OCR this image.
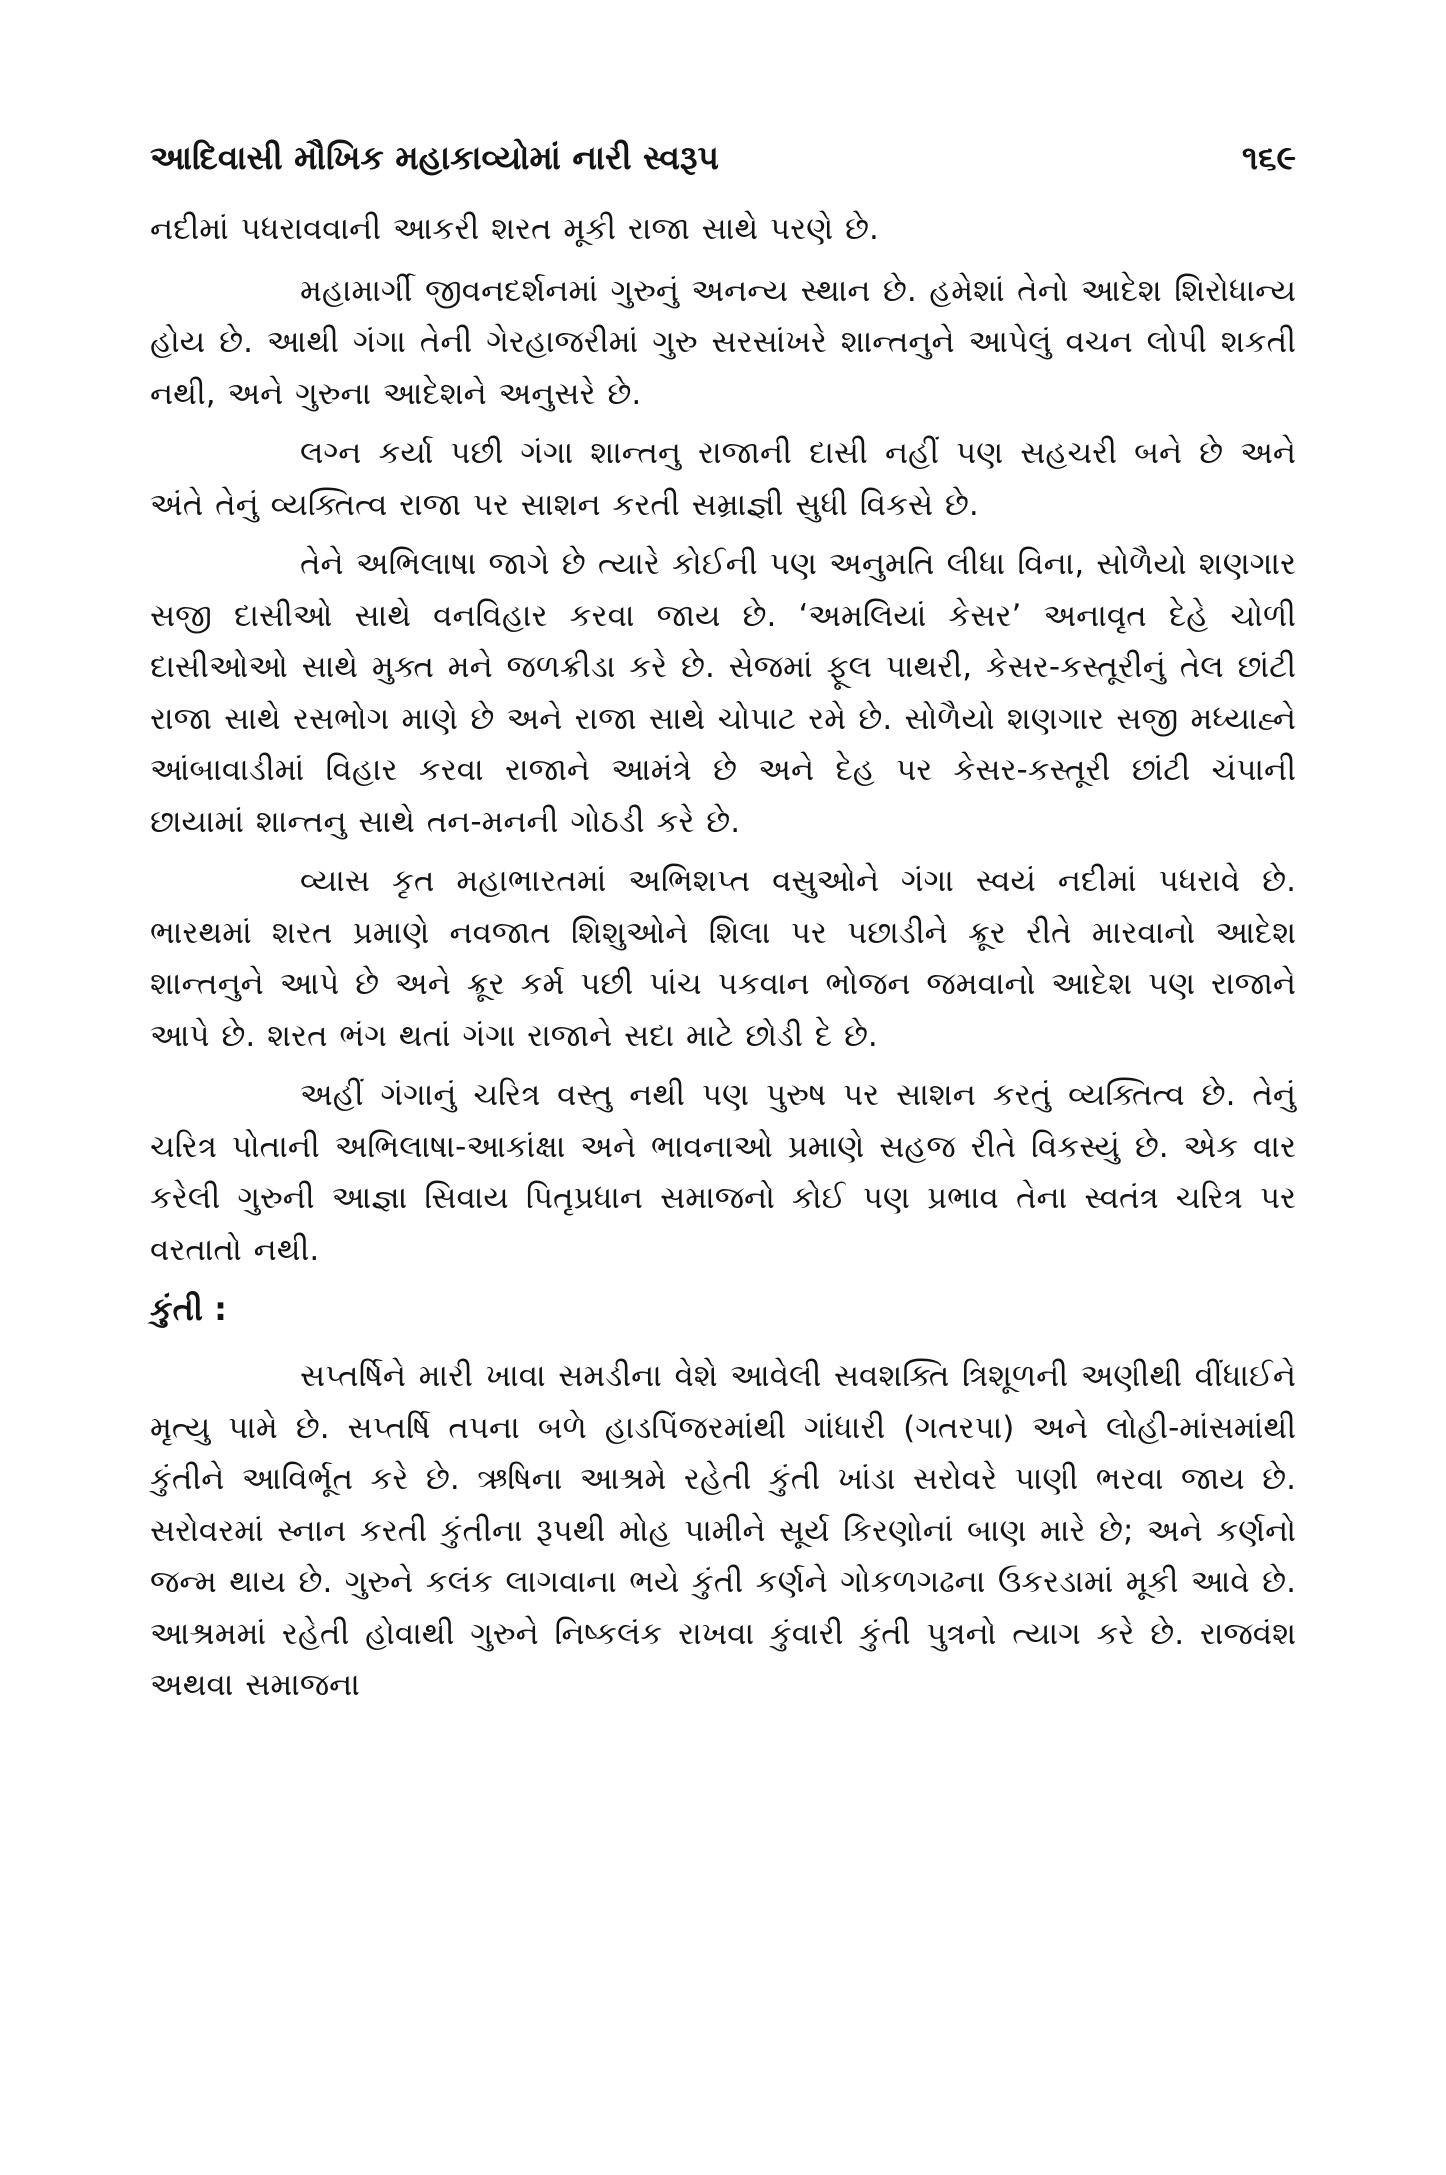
આદિવાસી મૌખિક મહાકાવ્યોમાં નારી સ્વરૂપ	૧૬૯

નદીમાં પધરાવવાની આકરી શરત મૂકી રાજા સાથે પરણે છે.

મહામાર્ગી જીવનદર્શનમાં ગુરુનું અનન્ય સ્થાન છે. હમેશાં તેનો આદેશ શિરોધાન્ય હોય છે. આથી ગંગા તેની ગેરહાજરીમાં ગુરુ સરસાંખરે શાન્તનુને આપેલું વચન લોપી શકતી નથી, અને ગુરુના આદેશને અનુસરે છે.

લગ્ન કર્યા પછી ગંગા શાન્તનુ રાજાની દાસી નહીં પણ સહચરી બને છે અને અંતે તેનું વ્યક્તિત્વ રાજા પર સાશન કરતી સમ્રાજ્ઞી સુધી વિકસે છે.

તેને અભિલાષા જાગે છે ત્યારે કોઈની પણ અનુમતિ લીધા વિના, સોળૈયો શણગાર સજી દાસીઓ સાથે વનવિહાર કરવા જાય છે. ‘અમલિયાં કેસર’ અનાવૃત દેહે ચોળી દાસીઓઓ સાથે મુક્ત મને જળક્રીડા કરે છે. સેજમાં ફૂલ પાથરી, કેસર-કસ્તૂરીનું તેલ છાંટી રાજા સાથે રસભોગ માણે છે અને રાજા સાથે ચોપાટ રમે છે. સોળૈયો શણગાર સજી મધ્યાહ્ને આંબાવાડીમાં વિહાર કરવા રાજાને આમંત્રે છે અને દેહ પર કેસર-કસ્તૂરી છાંટી ચંપાની છાયામાં શાન્તનુ સાથે તન-મનની ગોઠડી કરે છે.

વ્યાસ કૃત મહાભારતમાં અભિશપ્ત વસુઓને ગંગા સ્વયં નદીમાં પધરાવે છે. ભારથમાં શરત પ્રમાણે નવજાત શિશુઓને શિલા પર પછાડીને ક્રૂર રીતે મારવાનો આદેશ શાન્તનુને આપે છે અને ક્રૂર કર્મ પછી પાંચ પકવાન ભોજન જમવાનો આદેશ પણ રાજાને આપે છે. શરત ભંગ થતાં ગંગા રાજાને સદા માટે છોડી દે છે.

અહીં ગંગાનું ચરિત્ર વસ્તુ નથી પણ પુરુષ પર સાશન કરતું વ્યક્તિત્વ છે. તેનું ચરિત્ર પોતાની અભિલાષા-આકાંક્ષા અને ભાવનાઓ પ્રમાણે સહજ રીતે વિકસ્યું છે. એક વાર કરેલી ગુરુની આજ્ઞા સિવાય પિતૃપ્રધાન સમાજનો કોઈ પણ પ્રભાવ તેના સ્વતંત્ર ચરિત્ર પર વરતાતો નથી.

કુંતી :

સપ્તર્ષિને મારી ખાવા સમડીના વેશે આવેલી સવશક્તિ ત્રિશૂળની અણીથી વીંધાઈને મૃત્યુ પામે છે. સપ્તર્ષિ તપના બળે હાડપિંજરમાંથી ગાંધારી (ગતરપા) અને લોહી-માંસમાંથી કુંતીને આવિર્ભૂત કરે છે. ઋષિના આશ્રમે રહેતી કુંતી ખાંડા સરોવરે પાણી ભરવા જાય છે. સરોવરમાં સ્નાન કરતી કુંતીના રૂપથી મોહ પામીને સૂર્ય કિરણોનાં બાણ મારે છે; અને કર્ણનો જન્મ થાય છે. ગુરુને કલંક લાગવાના ભયે કુંતી કર્ણને ગોકળગઢના ઉકરડામાં મૂકી આવે છે. આશ્રમમાં રહેતી હોવાથી ગુરુને નિષ્કલંક રાખવા કુંવારી કુંતી પુત્રનો ત્યાગ કરે છે. રાજવંશ અથવા સમાજના
